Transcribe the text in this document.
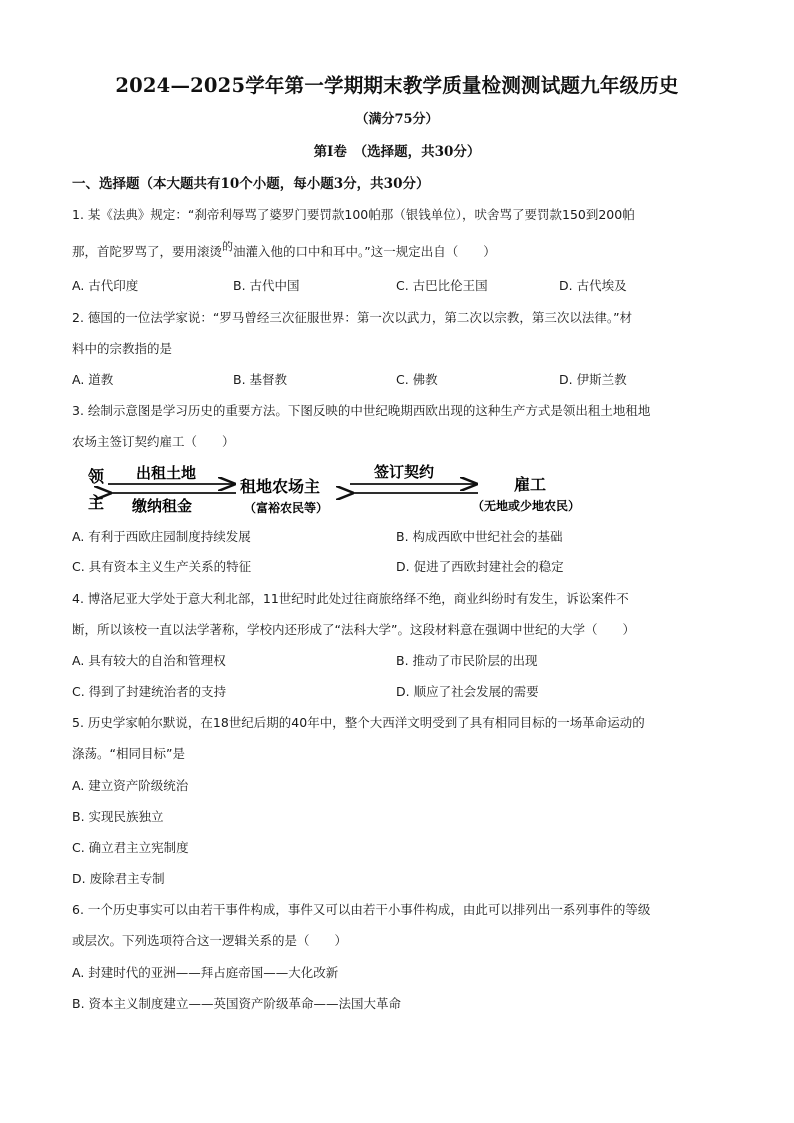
2024—2025学年第一学期期末教学质量检测测试题九年级历史
（满分75分）
第Ⅰ卷　（选择题，共30分）
一、选择题（本大题共有10个小题，每小题3分，共30分）
1. 某《法典》规定：“刹帝利辱骂了婆罗门要罚款100帕那（银钱单位），吠舍骂了要罚款150到200帕
那，首陀罗骂了，要用滚烫的油灌入他的口中和耳中。”这一规定出自（　　）
A. 古代印度	B. 古代中国	C. 古巴比伦王国	D. 古代埃及
2. 德国的一位法学家说：“罗马曾经三次征服世界：第一次以武力，第二次以宗教，第三次以法律。”材
料中的宗教指的是
A. 道教	B. 基督教	C. 佛教	D. 伊斯兰教
3. 绘制示意图是学习历史的重要方法。下图反映的中世纪晚期西欧出现的这种生产方式是领出租土地租地
农场主签订契约雇工（　　）
领
主
出租土地
缴纳租金
租地农场主
（富裕农民等）
签订契约
雇工
（无地或少地农民）
A. 有利于西欧庄园制度持续发展	B. 构成西欧中世纪社会的基础
C. 具有资本主义生产关系的特征	D. 促进了西欧封建社会的稳定
4. 博洛尼亚大学处于意大利北部，11世纪时此处过往商旅络绎不绝，商业纠纷时有发生，诉讼案件不
断，所以该校一直以法学著称，学校内还形成了“法科大学”。这段材料意在强调中世纪的大学（　　）
A. 具有较大的自治和管理权	B. 推动了市民阶层的出现
C. 得到了封建统治者的支持	D. 顺应了社会发展的需要
5. 历史学家帕尔默说，在18世纪后期的40年中，整个大西洋文明受到了具有相同目标的一场革命运动的
涤荡。“相同目标”是
A. 建立资产阶级统治
B. 实现民族独立
C. 确立君主立宪制度
D. 废除君主专制
6. 一个历史事实可以由若干事件构成，事件又可以由若干小事件构成，由此可以排列出一系列事件的等级
或层次。下列选项符合这一逻辑关系的是（　　）
A. 封建时代的亚洲——拜占庭帝国——大化改新
B. 资本主义制度建立——英国资产阶级革命——法国大革命
